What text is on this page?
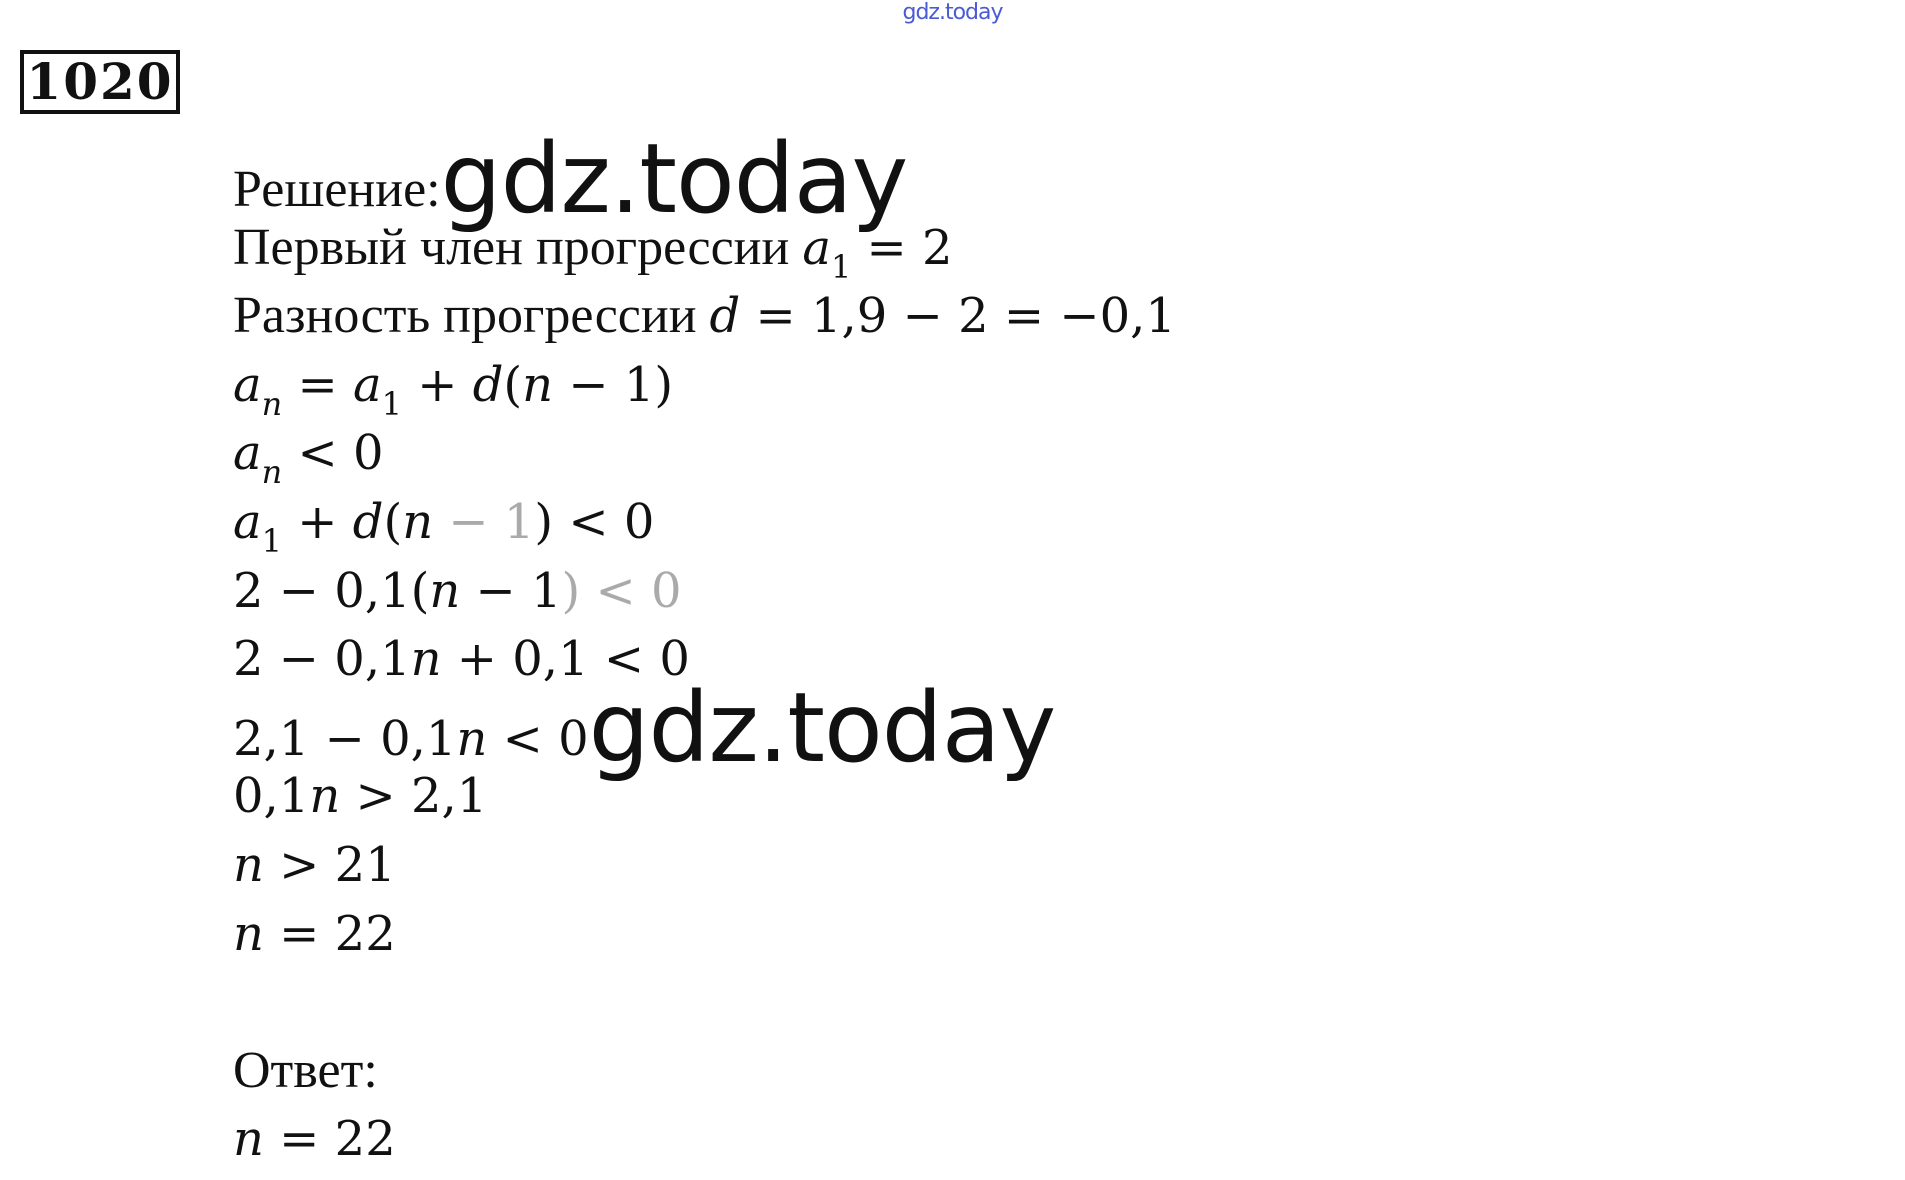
gdz.today
1020
Решение:gdz.today
Первый член прогрессии $a_1 = 2$
Разность прогрессии d = 1,9 − 2 = −0,1
$a_n = a_1 + d(n - 1)$
$a_n < 0$
$a_1 + d(n - 1) < 0$
2 − 0,1(n − 1) < 0
2 − 0,1n + 0,1 < 0
2,1 − 0,1n < 0gdz.today
0,1n > 2,1
n > 21
n = 22
Ответ:
n = 22
